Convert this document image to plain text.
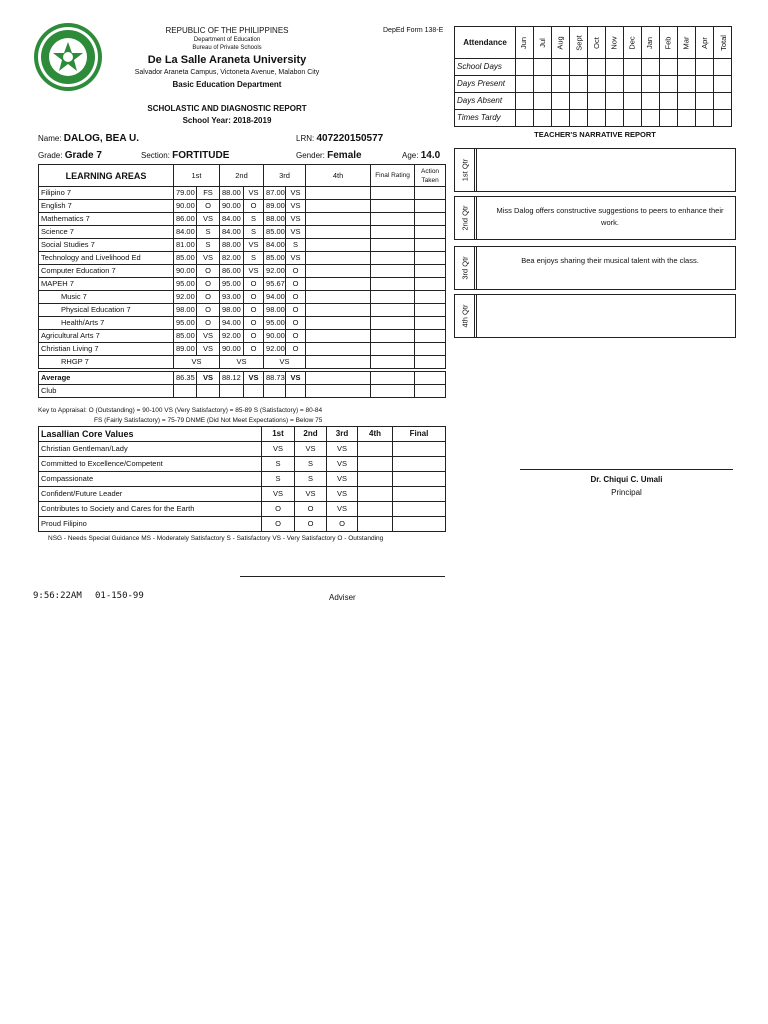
REPUBLIC OF THE PHILIPPINES
Department of Education
Bureau of Private Schools
De La Salle Araneta University
Salvador Araneta Campus, Victoneta Avenue, Malabon City
Basic Education Department
SCHOLASTIC AND DIAGNOSTIC REPORT
School Year: 2018-2019
DepEd Form 138-E
Name: DALOG, BEA U.	LRN: 407220150577
Grade: Grade 7	Section: FORTITUDE	Gender: Female	Age: 14.0
LEARNING AREAS	1st		2nd		3rd		4th	Final Rating	Action Taken
Filipino 7	79.00	FS	88.00	VS	87.00	VS			
English 7	90.00	O	90.00	O	89.00	VS			
Mathematics 7	86.00	VS	84.00	S	88.00	VS			
Science 7	84.00	S	84.00	S	85.00	VS			
Social Studies 7	81.00	S	88.00	VS	84.00	S			
Technology and Livelihood Ed	85.00	VS	82.00	S	85.00	VS			
Computer Education 7	90.00	O	86.00	VS	92.00	O			
MAPEH 7	95.00	O	95.00	O	95.67	O			
Music 7	92.00	O	93.00	O	94.00	O			
Physical Education 7	98.00	O	98.00	O	98.00	O			
Health/Arts 7	95.00	O	94.00	O	95.00	O			
Agricultural Arts 7	85.00	VS	92.00	O	90.00	O			
Christian Living 7	89.00	VS	90.00	O	92.00	O			
RHGP 7	VS		VS		VS				
Average	86.35	VS	88.12	VS	88.73	VS			
Club									
Key to Appraisal: O (Outstanding) = 90-100 VS (Very Satisfactory) = 85-89 S (Satisfactory) = 80-84
FS (Fairly Satisfactory) = 75-79 DNME (Did Not Meet Expectations) = Below 75
Lasallian Core Values	1st	2nd	3rd	4th	Final
Christian Gentleman/Lady	VS	VS	VS		
Committed to Excellence/Competent	S	S	VS		
Compassionate	S	S	VS		
Confident/Future Leader	VS	VS	VS		
Contributes to Society and Cares for the Earth	O	O	VS		
Proud Filipino	O	O	O		
NSG - Needs Special Guidance MS - Moderately Satisfactory S - Satisfactory VS - Very Satisfactory O - Outstanding
Adviser
9:56:22AM 01-150-99
Attendance	Jun	Jul	Aug	Sept	Oct	Nov	Dec	Jan	Feb	Mar	Apr	Total
School Days												
Days Present												
Days Absent												
Times Tardy												
TEACHER'S NARRATIVE REPORT
1st Qtr
2nd Qtr	Miss Dalog offers constructive suggestions to peers to enhance their work.
3rd Qtr	Bea enjoys sharing their musical talent with the class.
4th Qtr
Dr. Chiqui C. Umali
Principal
